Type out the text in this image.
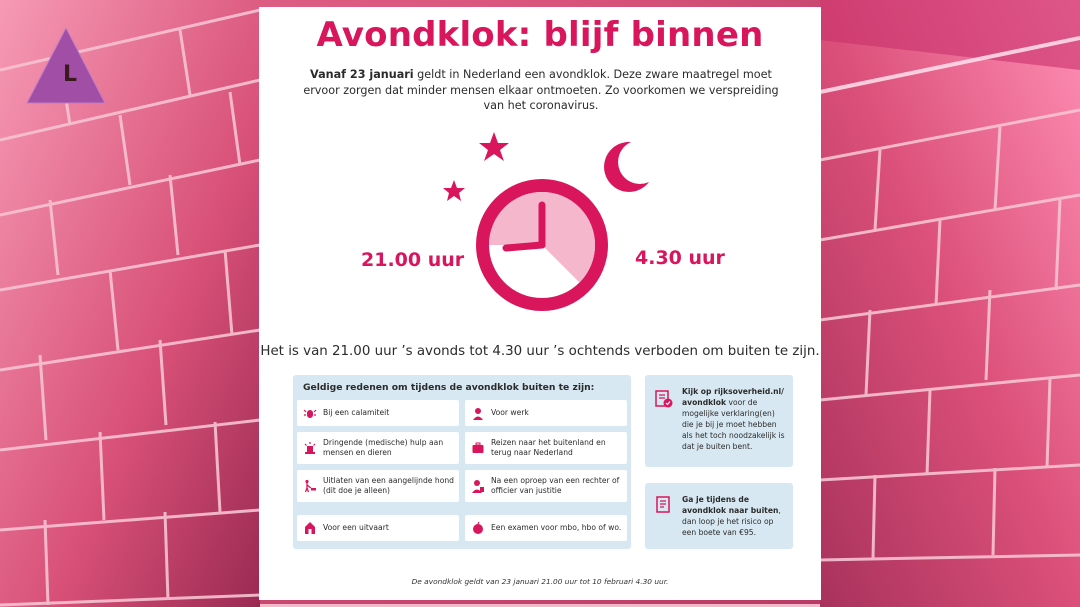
L
Avondklok: blijf binnen
Vanaf 23 januari geldt in Nederland een avondklok. Deze zware maatregel moet ervoor zorgen dat minder mensen elkaar ontmoeten. Zo voorkomen we verspreiding van het coronavirus.
21.00 uur	4.30 uur
Het is van 21.00 uur ’s avonds tot 4.30 uur ’s ochtends verboden om buiten te zijn.
Geldige redenen om tijdens de avondklok buiten te zijn:
Bij een calamiteit	Voor werk
Dringende (medische) hulp aan mensen en dieren
Reizen naar het buitenland en terug naar Nederland
Uitlaten van een aangelijnde hond (dit doe je alleen)
Na een oproep van een rechter of officier van justitie
Voor een uitvaart	Een examen voor mbo, hbo of wo.
Kijk op rijksoverheid.nl/ avondklok voor de mogelijke verklaring(en) die je bij je moet hebben als het toch noodzakelijk is dat je buiten bent.
Ga je tijdens de avondklok naar buiten, dan loop je het risico op een boete van €95.
De avondklok geldt van 23 januari 21.00 uur tot 10 februari 4.30 uur.
